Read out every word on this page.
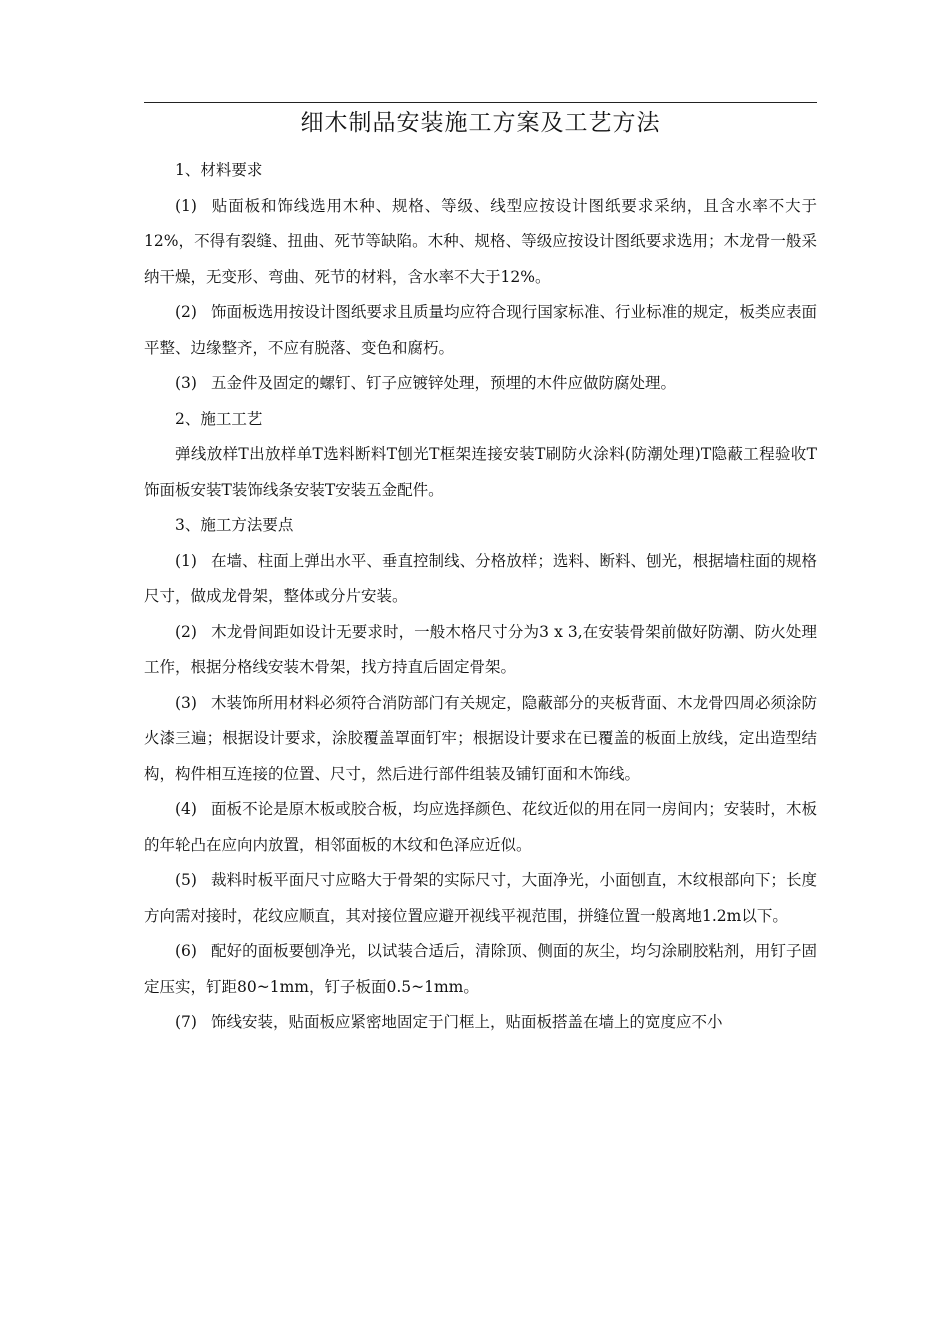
细木制品安装施工方案及工艺方法

1、材料要求

(1) 贴面板和饰线选用木种、规格、等级、线型应按设计图纸要求采纳，且含水率不大于12%，不得有裂缝、扭曲、死节等缺陷。木种、规格、等级应按设计图纸要求选用；木龙骨一般采纳干燥，无变形、弯曲、死节的材料，含水率不大于12%。

(2) 饰面板选用按设计图纸要求且质量均应符合现行国家标准、行业标准的规定，板类应表面平整、边缘整齐，不应有脱落、变色和腐朽。

(3) 五金件及固定的螺钉、钉子应镀锌处理，预埋的木件应做防腐处理。

2、施工工艺

弹线放样T出放样单T选料断料T刨光T框架连接安装T刷防火涂料(防潮处理)T隐蔽工程验收T饰面板安装T装饰线条安装T安装五金配件。

3、施工方法要点

(1) 在墙、柱面上弹出水平、垂直控制线、分格放样；选料、断料、刨光，根据墙柱面的规格尺寸，做成龙骨架，整体或分片安装。

(2) 木龙骨间距如设计无要求时，一般木格尺寸分为3 x 3,在安装骨架前做好防潮、防火处理工作，根据分格线安装木骨架，找方持直后固定骨架。

(3) 木装饰所用材料必须符合消防部门有关规定，隐蔽部分的夹板背面、木龙骨四周必须涂防火漆三遍；根据设计要求，涂胶覆盖罩面钉牢；根据设计要求在已覆盖的板面上放线，定出造型结构，构件相互连接的位置、尺寸，然后进行部件组装及铺钉面和木饰线。

(4) 面板不论是原木板或胶合板，均应选择颜色、花纹近似的用在同一房间内；安装时，木板的年轮凸在应向内放置，相邻面板的木纹和色泽应近似。

(5) 裁料时板平面尺寸应略大于骨架的实际尺寸，大面净光，小面刨直，木纹根部向下；长度方向需对接时，花纹应顺直，其对接位置应避开视线平视范围，拼缝位置一般离地1.2m以下。

(6) 配好的面板要刨净光，以试装合适后，清除顶、侧面的灰尘，均匀涂刷胶粘剂，用钉子固定压实，钉距80~1mm，钉子板面0.5~1mm。

(7) 饰线安装，贴面板应紧密地固定于门框上，贴面板搭盖在墙上的宽度应不小
